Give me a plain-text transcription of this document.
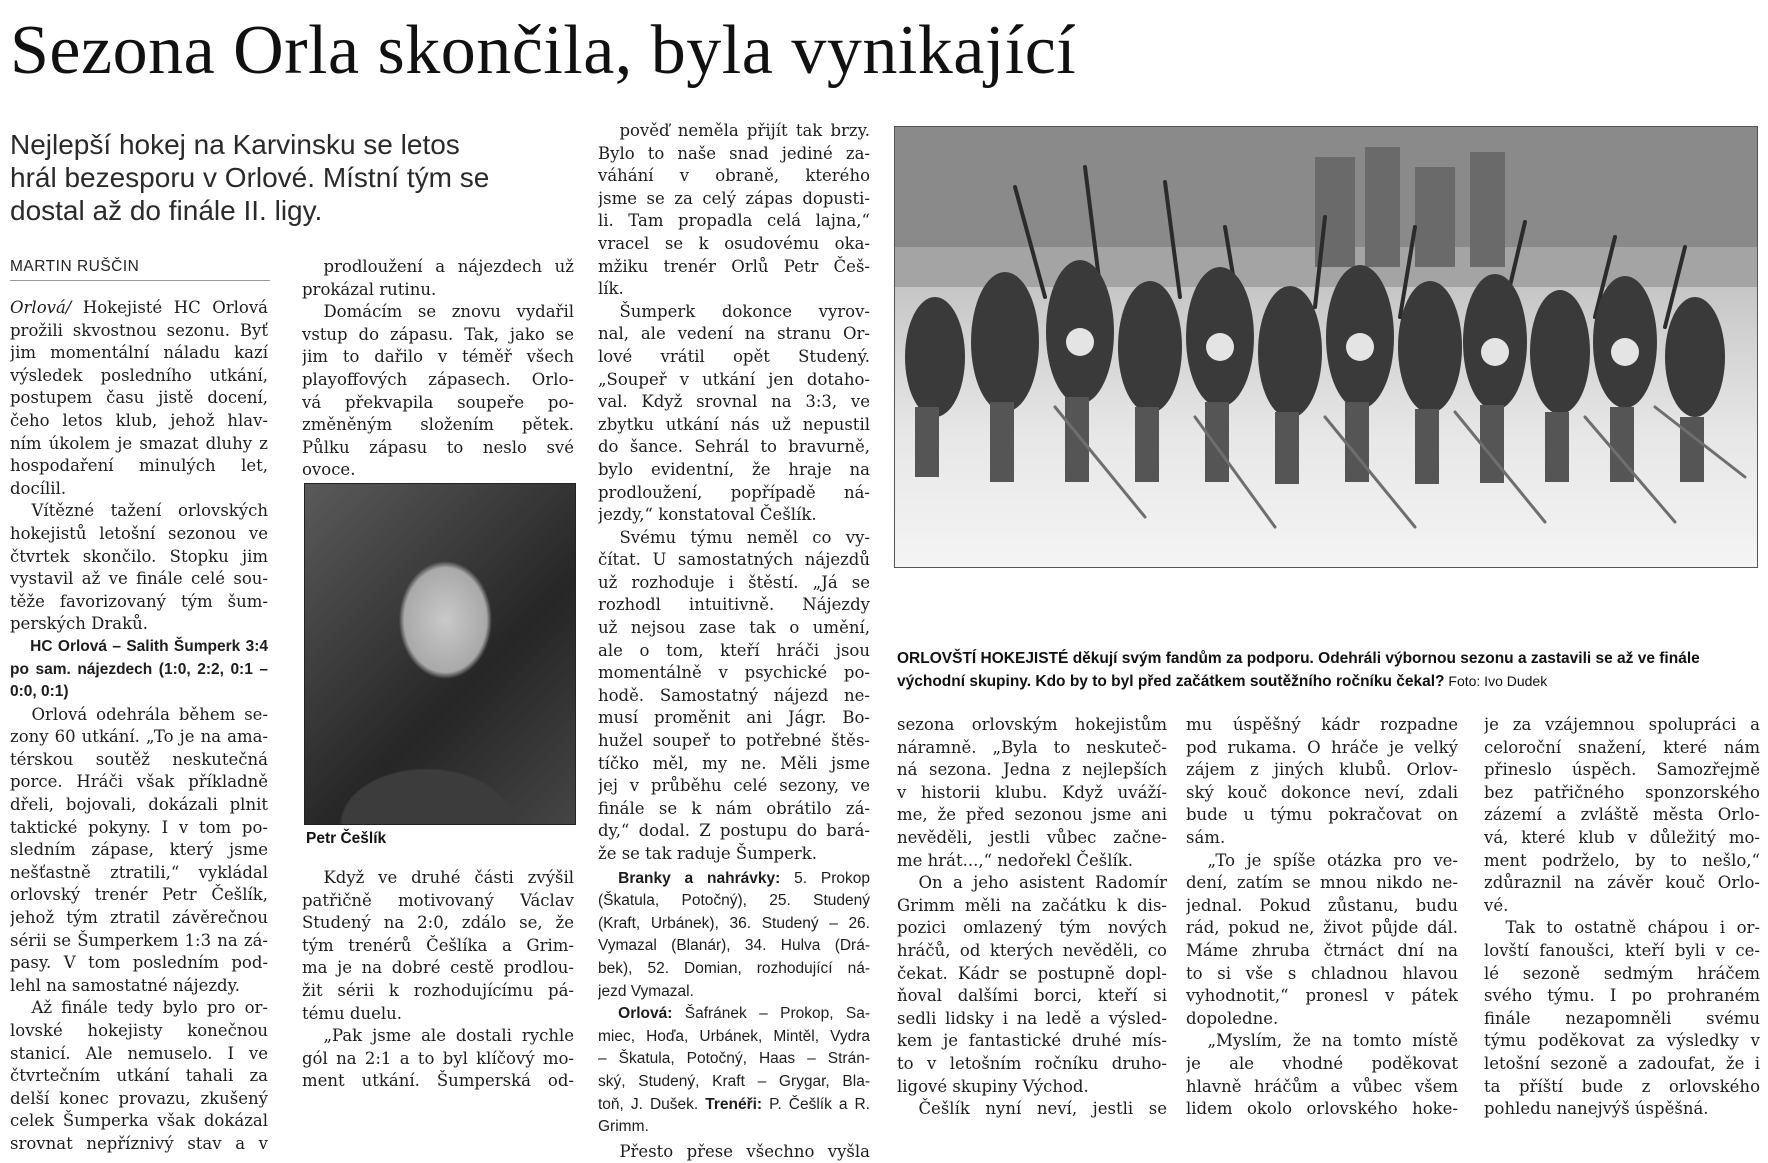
Sezona Orla skončila, byla vynikající
Nejlepší hokej na Karvinsku se letos
hrál bezesporu v Orlové. Místní tým se
dostal až do finále II. ligy.
MARTIN RUŠČIN
Orlová/ Hokejisté HC Orlová
prožili skvostnou sezonu. Byť
jim momentální náladu kazí
výsledek posledního utkání,
postupem času jistě docení,
čeho letos klub, jehož hlav-
ním úkolem je smazat dluhy z
hospodaření minulých let,
docílil.
Vítězné tažení orlovských
hokejistů letošní sezonou ve
čtvrtek skončilo. Stopku jim
vystavil až ve finále celé sou-
těže favorizovaný tým šum-
perských Draků.
HC Orlová – Salith Šumperk 3:4
po sam. nájezdech (1:0, 2:2, 0:1 –
0:0, 0:1)
Orlová odehrála během se-
zony 60 utkání. „To je na ama-
térskou soutěž neskutečná
porce. Hráči však příkladně
dřeli, bojovali, dokázali plnit
taktické pokyny. I v tom po-
sledním zápase, který jsme
nešťastně ztratili,“ vykládal
orlovský trenér Petr Češlík,
jehož tým ztratil závěrečnou
sérii se Šumperkem 1:3 na zá-
pasy. V tom posledním pod-
lehl na samostatné nájezdy.
Až finále tedy bylo pro or-
lovské hokejisty konečnou
stanicí. Ale nemuselo. I ve
čtvrtečním utkání tahali za
delší konec provazu, zkušený
celek Šumperka však dokázal
srovnat nepříznivý stav a v
prodloužení a nájezdech už
prokázal rutinu.
Domácím se znovu vydařil
vstup do zápasu. Tak, jako se
jim to dařilo v téměř všech
playoffových zápasech. Orlo-
vá překvapila soupeře po-
změněným složením pětek.
Půlku zápasu to neslo své
ovoce.
Petr Češlík
Když ve druhé části zvýšil
patřičně motivovaný Václav
Studený na 2:0, zdálo se, že
tým trenérů Češlíka a Grim-
ma je na dobré cestě prodlou-
žit sérii k rozhodujícímu pá-
tému duelu.
„Pak jsme ale dostali rychle
gól na 2:1 a to byl klíčový mo-
ment utkání. Šumperská od-
pověď neměla přijít tak brzy.
Bylo to naše snad jediné za-
váhání v obraně, kterého
jsme se za celý zápas dopusti-
li. Tam propadla celá lajna,“
vracel se k osudovému oka-
mžiku trenér Orlů Petr Češ-
lík.
Šumperk dokonce vyrov-
nal, ale vedení na stranu Or-
lové vrátil opět Studený.
„Soupeř v utkání jen dotaho-
val. Když srovnal na 3:3, ve
zbytku utkání nás už nepustil
do šance. Sehrál to bravurně,
bylo evidentní, že hraje na
prodloužení, popřípadě ná-
jezdy,“ konstatoval Češlík.
Svému týmu neměl co vy-
čítat. U samostatných nájezdů
už rozhoduje i štěstí. „Já se
rozhodl intuitivně. Nájezdy
už nejsou zase tak o umění,
ale o tom, kteří hráči jsou
momentálně v psychické po-
hodě. Samostatný nájezd ne-
musí proměnit ani Jágr. Bo-
hužel soupeř to potřebné štěs-
tíčko měl, my ne. Měli jsme
jej v průběhu celé sezony, ve
finále se k nám obrátilo zá-
dy,“ dodal. Z postupu do bará-
že se tak raduje Šumperk.
Branky a nahrávky: 5. Prokop
(Škatula, Potočný), 25. Studený
(Kraft, Urbánek), 36. Studený – 26.
Vymazal (Blanár), 34. Hulva (Drá-
bek), 52. Domian, rozhodující ná-
jezd Vymazal.
Orlová: Šafránek – Prokop, Sa-
miec, Hoďa, Urbánek, Mintěl, Vydra
– Škatula, Potočný, Haas – Strán-
ský, Studený, Kraft – Grygar, Bla-
toň, J. Dušek. Trenéři: P. Češlík a R.
Grimm.
Přesto přese všechno vyšla
ORLOVŠTÍ HOKEJISTÉ děkují svým fandům za podporu. Odehráli výbornou sezonu a zastavili se až ve finále
východní skupiny. Kdo by to byl před začátkem soutěžního ročníku čekal? Foto: Ivo Dudek
sezona orlovským hokejistům
náramně. „Byla to neskuteč-
ná sezona. Jedna z nejlepších
v historii klubu. Když uváží-
me, že před sezonou jsme ani
nevěděli, jestli vůbec začne-
me hrát...,“ nedořekl Češlík.
On a jeho asistent Radomír
Grimm měli na začátku k dis-
pozici omlazený tým nových
hráčů, od kterých nevěděli, co
čekat. Kádr se postupně dopl-
ňoval dalšími borci, kteří si
sedli lidsky i na ledě a výsled-
kem je fantastické druhé mís-
to v letošním ročníku druho-
ligové skupiny Východ.
Češlík nyní neví, jestli se
mu úspěšný kádr rozpadne
pod rukama. O hráče je velký
zájem z jiných klubů. Orlov-
ský kouč dokonce neví, zdali
bude u týmu pokračovat on
sám.
„To je spíše otázka pro ve-
dení, zatím se mnou nikdo ne-
jednal. Pokud zůstanu, budu
rád, pokud ne, život půjde dál.
Máme zhruba čtrnáct dní na
to si vše s chladnou hlavou
vyhodnotit,“ pronesl v pátek
dopoledne.
„Myslím, že na tomto místě
je ale vhodné poděkovat
hlavně hráčům a vůbec všem
lidem okolo orlovského hoke-
je za vzájemnou spolupráci a
celoroční snažení, které nám
přineslo úspěch. Samozřejmě
bez patřičného sponzorského
zázemí a zvláště města Orlo-
vá, které klub v důležitý mo-
ment podrželo, by to nešlo,“
zdůraznil na závěr kouč Orlo-
vé.
Tak to ostatně chápou i or-
lovští fanoušci, kteří byli v ce-
lé sezoně sedmým hráčem
svého týmu. I po prohraném
finále nezapomněli svému
týmu poděkovat za výsledky v
letošní sezoně a zadoufat, že i
ta příští bude z orlovského
pohledu nanejvýš úspěšná.
